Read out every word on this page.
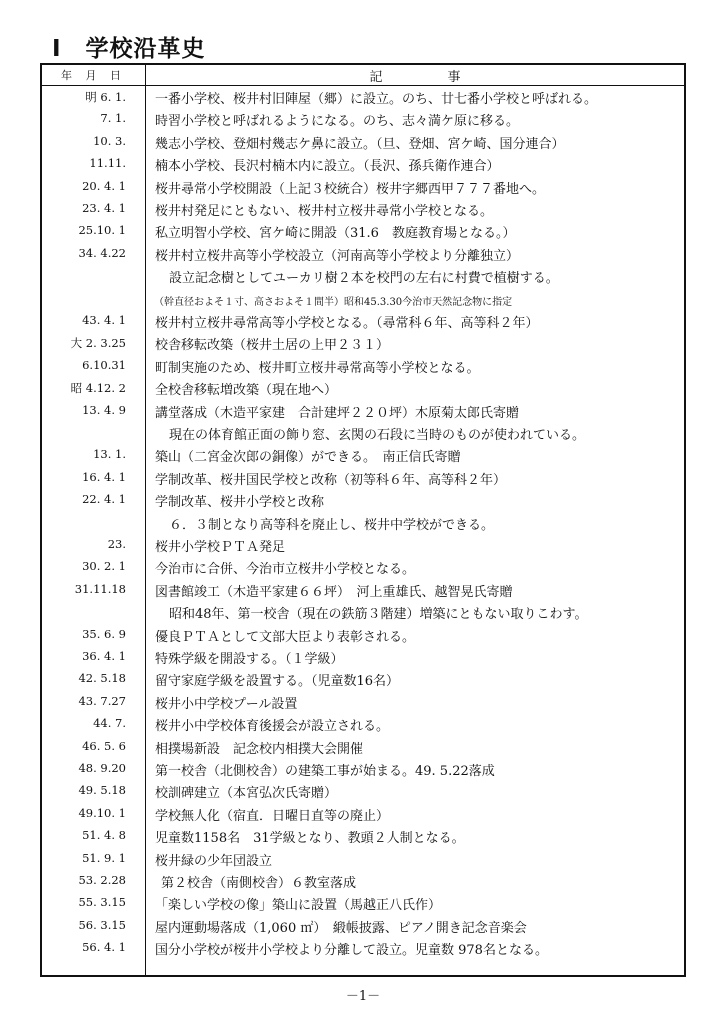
Ⅰ　学校沿革史
年 月 日	記　　　　　事
明 6. 1. 一番小学校、桜井村旧陣屋（郷）に設立。のち、廿七番小学校と呼ばれる。
7. 1. 時習小学校と呼ばれるようになる。のち、志々満ケ原に移る。
10. 3. 幾志小学校、登畑村幾志ケ鼻に設立。（旦、登畑、宮ケ崎、国分連合）
11.11. 楠本小学校、長沢村楠木内に設立。（長沢、孫兵衛作連合）
20. 4. 1 桜井尋常小学校開設（上記３校統合）桜井字郷西甲７７７番地へ。
23. 4. 1 桜井村発足にともない、桜井村立桜井尋常小学校となる。
25.10. 1 私立明智小学校、宮ケ崎に開設（31.6　教庭教育場となる。）
34. 4.22 桜井村立桜井高等小学校設立（河南高等小学校より分離独立）
設立記念樹としてユーカリ樹２本を校門の左右に村費で植樹する。
（幹直径およそ１寸、高さおよそ１間半）昭和45.3.30今治市天然記念物に指定
43. 4. 1 桜井村立桜井尋常高等小学校となる。（尋常科６年、高等科２年）
大 2. 3.25 校舎移転改築（桜井土居の上甲２３１）
6.10.31 町制実施のため、桜井町立桜井尋常高等小学校となる。
昭 4.12. 2 全校舎移転増改築（現在地へ）
13. 4. 9 講堂落成（木造平家建　合計建坪２２０坪）木原菊太郎氏寄贈
現在の体育館正面の飾り窓、玄関の石段に当時のものが使われている。
13. 1. 築山（二宮金次郎の銅像）ができる。　南正信氏寄贈
16. 4. 1 学制改革、桜井国民学校と改称（初等科６年、高等科２年）
22. 4. 1 学制改革、桜井小学校と改称
６．３制となり高等科を廃止し、桜井中学校ができる。
23. 桜井小学校ＰＴＡ発足
30. 2. 1 今治市に合併、今治市立桜井小学校となる。
31.11.18 図書館竣工（木造平家建６６坪）　河上重雄氏、越智晃氏寄贈
昭和48年、第一校舎（現在の鉄筋３階建）増築にともない取りこわす。
35. 6. 9 優良ＰＴＡとして文部大臣より表彰される。
36. 4. 1 特殊学級を開設する。（１学級）
42. 5.18 留守家庭学級を設置する。（児童数16名）
43. 7.27 桜井小中学校プール設置
44. 7. 桜井小中学校体育後援会が設立される。
46. 5. 6 相撲場新設　記念校内相撲大会開催
48. 9.20 第一校舎（北側校舎）の建築工事が始まる。49. 5.22落成
49. 5.18 校訓碑建立（本宮弘次氏寄贈）
49.10. 1 学校無人化（宿直．日曜日直等の廃止）
51. 4. 8 児童数1158名　31学級となり、教頭２人制となる。
51. 9. 1 桜井緑の少年団設立
53. 2.28	第２校舎（南側校舎）６教室落成
55. 3.15 「楽しい学校の像」築山に設置（馬越正八氏作）
56. 3.15 屋内運動場落成（1,060 ㎡）　緞帳披露、ピアノ開き記念音楽会
56. 4. 1 国分小学校が桜井小学校より分離して設立。児童数 978名となる。
－1－
